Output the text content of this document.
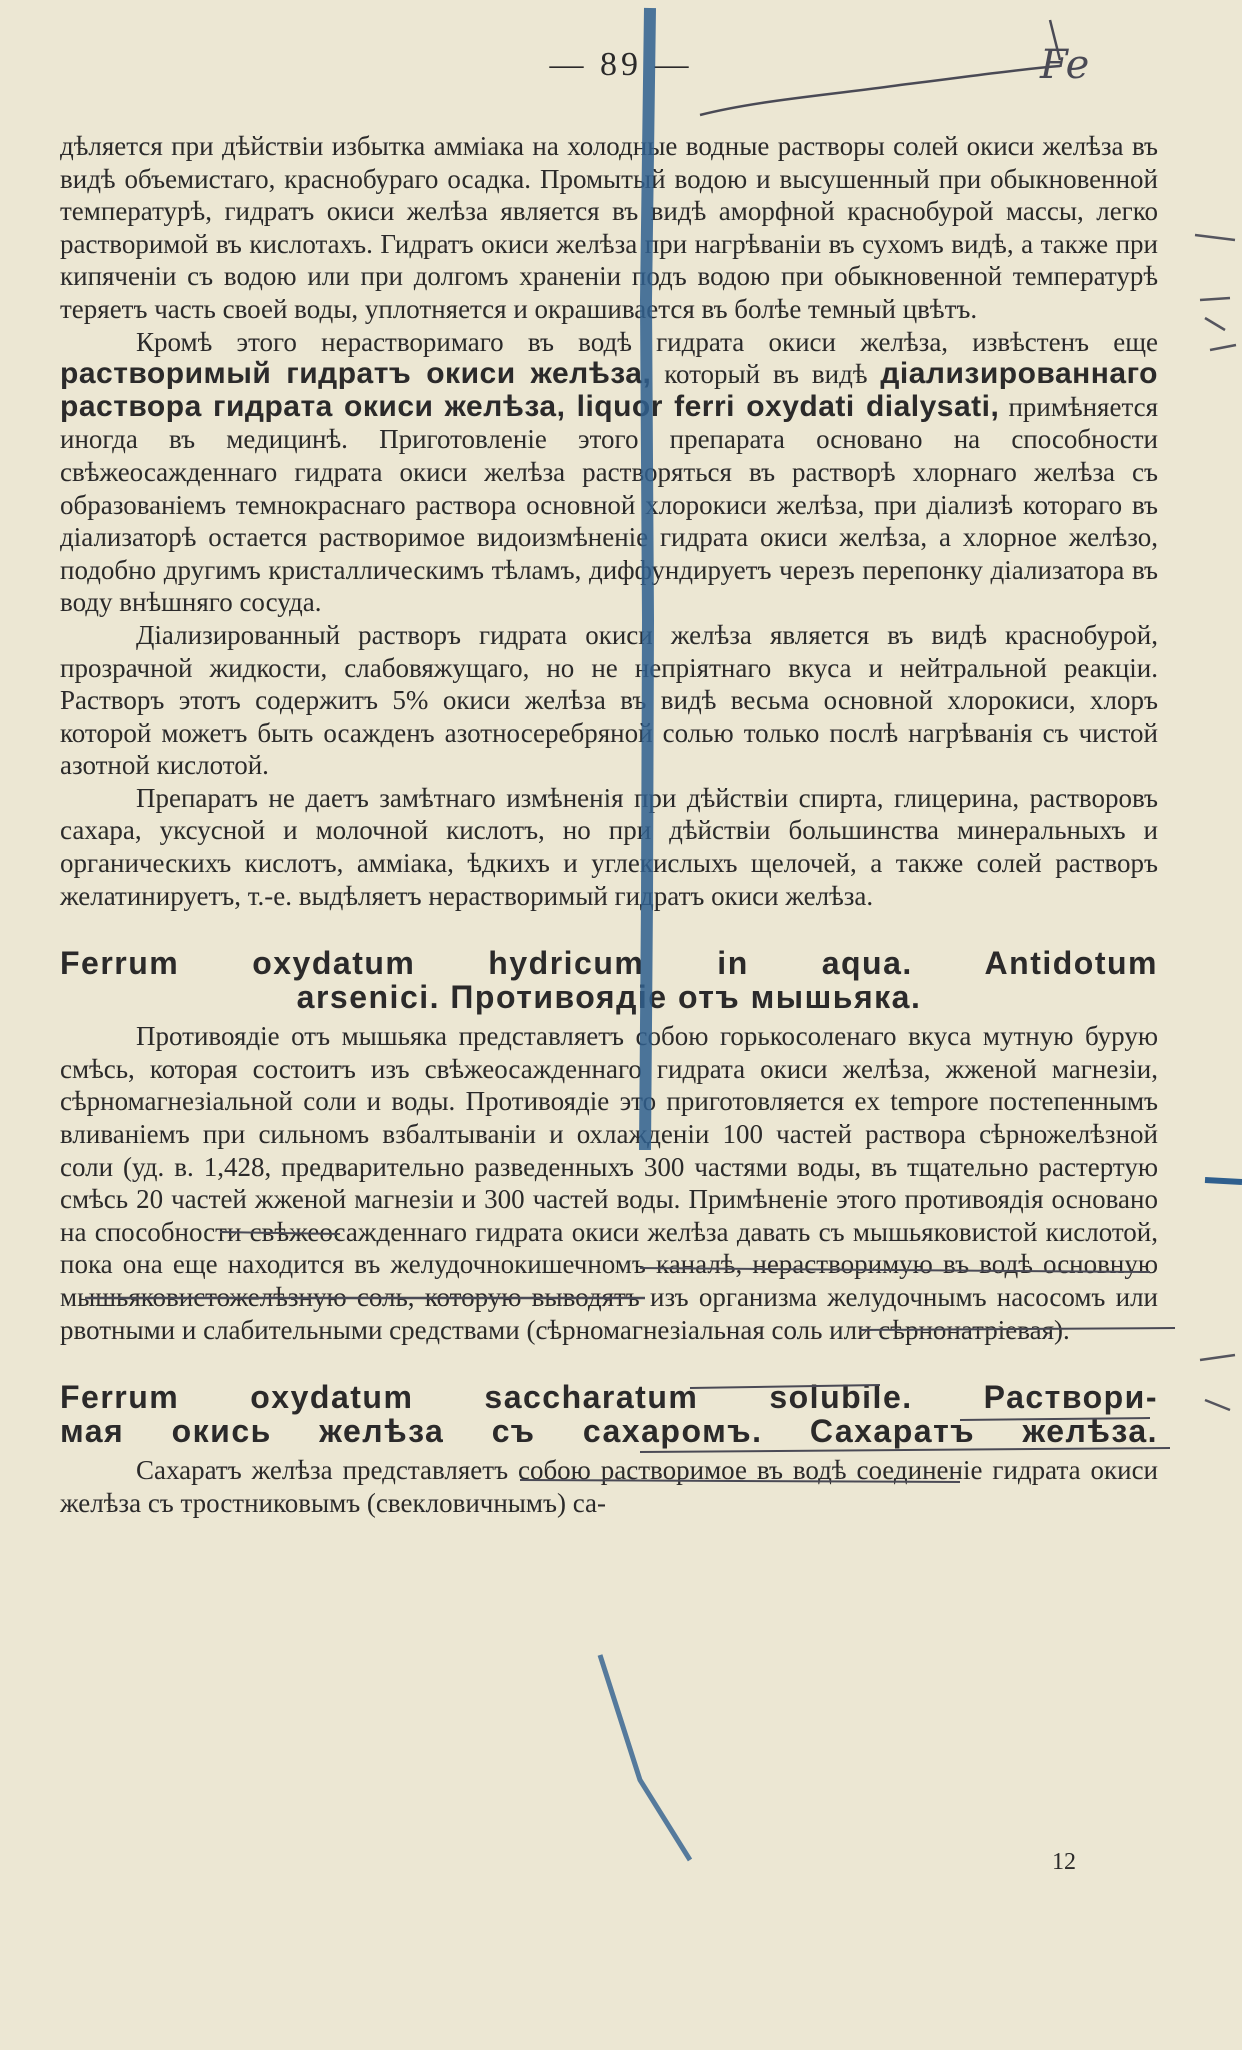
— 89 —

дѣляется при дѣйствіи избытка амміака на холодные водные растворы солей окиси желѣза въ видѣ объемистаго, краснобураго осадка. Промытый водою и высушенный при обыкновенной температурѣ, гидратъ окиси желѣза является въ видѣ аморфной краснобурой массы, легко растворимой въ кислотахъ. Гидратъ окиси желѣза при нагрѣваніи въ сухомъ видѣ, а также при кипяченіи съ водою или при долгомъ храненіи подъ водою при обыкновенной температурѣ теряетъ часть своей воды, уплотняется и окрашивается въ болѣе темный цвѣтъ.

Кромѣ этого нерастворимаго въ водѣ гидрата окиси желѣза, извѣстенъ еще растворимый гидратъ окиси желѣза, который въ видѣ діализированнаго раствора гидрата окиси желѣза, liquor ferri oxydati dialysati, примѣняется иногда въ медицинѣ. Приготовленіе этого препарата основано на способности свѣжеосажденнаго гидрата окиси желѣза растворяться въ растворѣ хлорнаго желѣза съ образованіемъ темнокраснаго раствора основной хлорокиси желѣза, при діализѣ котораго въ діализаторѣ остается растворимое видоизмѣненіе гидрата окиси желѣза, а хлорное желѣзо, подобно другимъ кристаллическимъ тѣламъ, диффундируетъ черезъ перепонку діализатора въ воду внѣшняго сосуда.

Діализированный растворъ гидрата окиси желѣза является въ видѣ краснобурой, прозрачной жидкости, слабовяжущаго, но не непріятнаго вкуса и нейтральной реакціи. Растворъ этотъ содержитъ 5% окиси желѣза въ видѣ весьма основной хлорокиси, хлоръ которой можетъ быть осажденъ азотносеребряной солью только послѣ нагрѣванія съ чистой азотной кислотой.

Препаратъ не даетъ замѣтнаго измѣненія при дѣйствіи спирта, глицерина, растворовъ сахара, уксусной и молочной кислотъ, но при дѣйствіи большинства минеральныхъ и органическихъ кислотъ, амміака, ѣдкихъ и углекислыхъ щелочей, а также солей растворъ желатинируетъ, т.-е. выдѣляетъ нерастворимый гидратъ окиси желѣза.

Ferrum oxydatum hydricum in aqua. Antidotum
arsenici. Противоядіе отъ мышьяка.

Противоядіе отъ мышьяка представляетъ собою горькосоленаго вкуса мутную бурую смѣсь, которая состоитъ изъ свѣжеосажденнаго гидрата окиси желѣза, жженой магнезіи, сѣрномагнезіальной соли и воды. Противоядіе это приготовляется ex tempore постепеннымъ вливаніемъ при сильномъ взбалтываніи и охлажденіи 100 частей раствора сѣрножелѣзной соли (уд. в. 1,428, предварительно разведенныхъ 300 частями воды, въ тщательно растертую смѣсь 20 частей жженой магнезіи и 300 частей воды. Примѣненіе этого противоядія основано на способности свѣжеосажденнаго гидрата окиси желѣза давать съ мышьяковистой кислотой, пока она еще находится въ желудочнокишечномъ каналѣ, нерастворимую въ водѣ основную мышьяковистожелѣзную соль, которую выводятъ изъ организма желудочнымъ насосомъ или рвотными и слабительными средствами (сѣрномагнезіальная соль или сѣрнонатріевая).

Ferrum oxydatum saccharatum solubile. Раствори-
мая окись желѣза съ сахаромъ. Сахаратъ желѣза.

Сахаратъ желѣза представляетъ собою растворимое въ водѣ соединеніе гидрата окиси желѣза съ тростниковымъ (свекловичнымъ) са-

12
Fe
